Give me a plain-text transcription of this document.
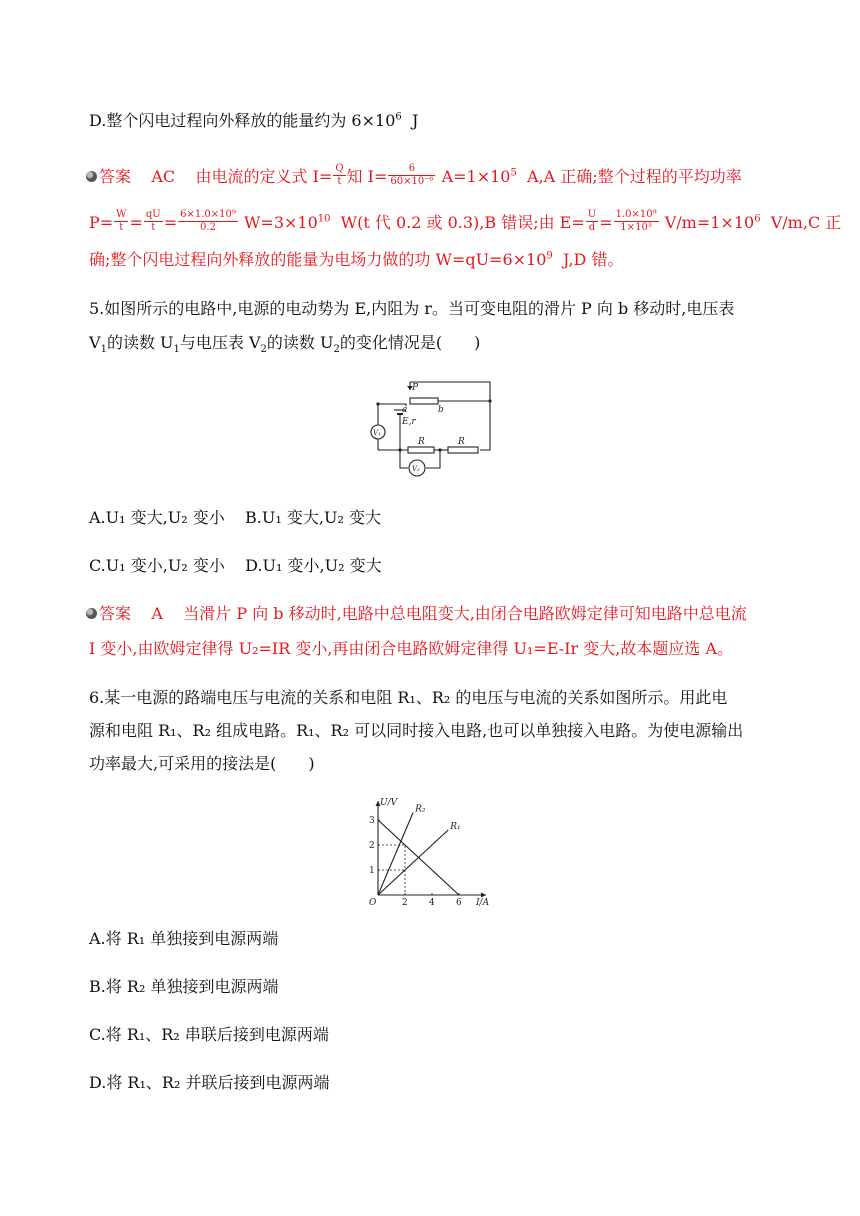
D.整个闪电过程向外释放的能量约为 $6\times 10^6$ J
答案 AC 由电流的定义式 $I= \frac{Q}{t}$ 知 $I= \frac{6}{\text{60×10⁻⁶}} A=1\times 10^5$ A,A 正确;整个过程的平均功率
$P= \frac{W}{t} = \frac{qU}{t} = \frac{\text{6×1.0×10⁹}}{0.2} W=3\times 10^{10}$ W(t 代 0.2 或 0.3),B 错误;由 $E= \frac{U}{d} = \frac{\text{1.0×10⁹}}{\text{1×10³}} V/m=1\times 10^6$ V/m,C 正
确;整个闪电过程向外释放的能量为电场力做的功 $W=qU=6\times 10^9$ J,D 错。
5.如图所示的电路中,电源的电动势为 E,内阻为 r。当可变电阻的滑片 P 向 b 移动时,电压表
$V_1$的读数 $U_1$与电压表 $V_2$的读数 $U_2$的变化情况是(　　)
P
a	b
E,r
R	R
V₁
V₂
A.U₁ 变大,U₂ 变小 B.U₁ 变大,U₂ 变大
C.U₁ 变小,U₂ 变小 D.U₁ 变小,U₂ 变大
答案 A 当滑片 P 向 b 移动时,电路中总电阻变大,由闭合电路欧姆定律可知电路中总电流
I 变小,由欧姆定律得 U₂=IR 变小,再由闭合电路欧姆定律得 U₁=E-Ir 变大,故本题应选 A。
6.某一电源的路端电压与电流的关系和电阻 R₁、R₂ 的电压与电流的关系如图所示。用此电
源和电阻 R₁、R₂ 组成电路。R₁、R₂ 可以同时接入电路,也可以单独接入电路。为使电源输出
功率最大,可采用的接法是(　　)
U/V
I/A
O
R₂
R₁
2 4 6
1
2
3
A.将 R₁ 单独接到电源两端
B.将 R₂ 单独接到电源两端
C.将 R₁、R₂ 串联后接到电源两端
D.将 R₁、R₂ 并联后接到电源两端
